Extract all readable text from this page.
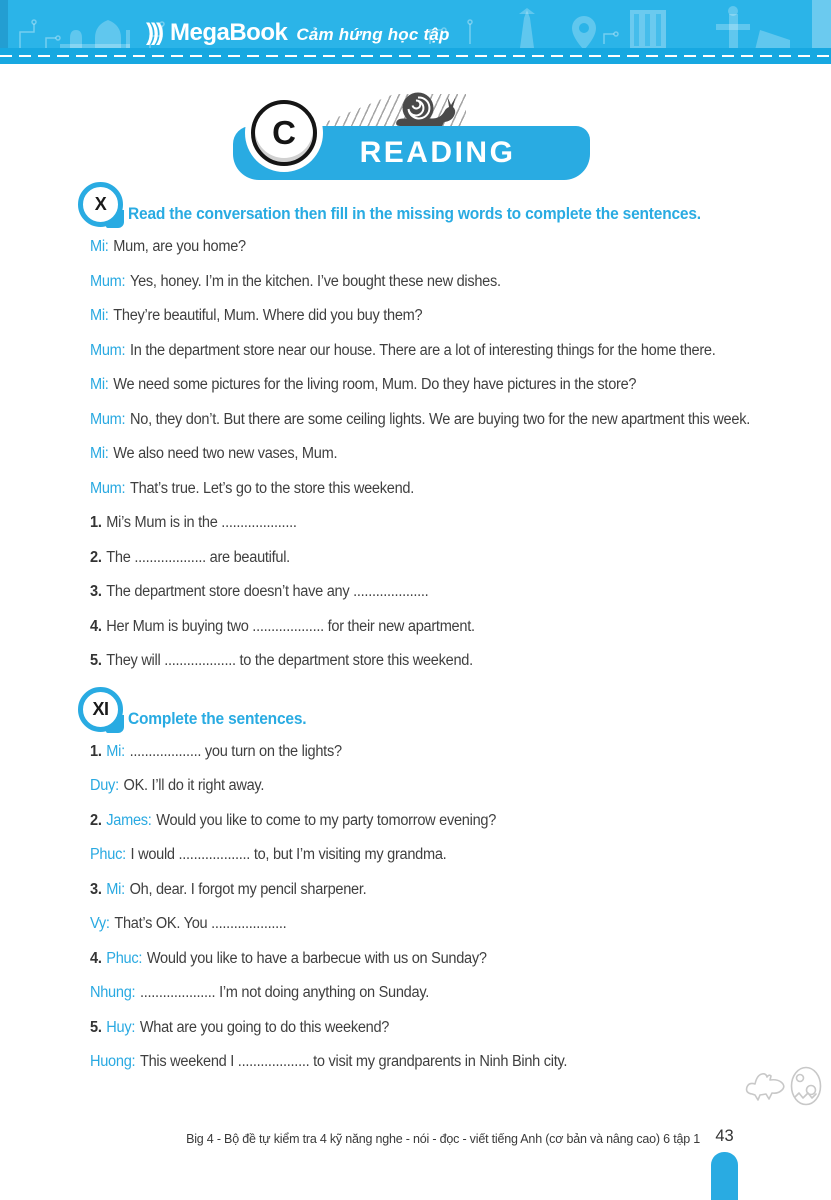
))) MegaBook Cảm hứng học tập
READING
C
X Read the conversation then fill in the missing words to complete the sentences.

Mi: Mum, are you home?

Mum: Yes, honey. I’m in the kitchen. I’ve bought these new dishes.

Mi: They’re beautiful, Mum. Where did you buy them?

Mum: In the department store near our house. There are a lot of interesting things for the home there.

Mi: We need some pictures for the living room, Mum. Do they have pictures in the store?

Mum: No, they don’t. But there are some ceiling lights. We are buying two for the new apartment this week.

Mi: We also need two new vases, Mum.

Mum: That’s true. Let’s go to the store this weekend.

1. Mi’s Mum is in the ....................

2. The ................... are beautiful.

3. The department store doesn’t have any ....................

4. Her Mum is buying two ................... for their new apartment.

5. They will ................... to the department store this weekend.

XI Complete the sentences.

1. Mi: ................... you turn on the lights?

Duy: OK. I’ll do it right away.

2. James: Would you like to come to my party tomorrow evening?

Phuc: I would ................... to, but I’m visiting my grandma.

3. Mi: Oh, dear. I forgot my pencil sharpener.

Vy: That’s OK. You ....................

4. Phuc: Would you like to have a barbecue with us on Sunday?

Nhung: .................... I’m not doing anything on Sunday.

5. Huy: What are you going to do this weekend?

Huong: This weekend I ................... to visit my grandparents in Ninh Binh city.

Big 4 - Bộ đề tự kiểm tra 4 kỹ năng nghe - nói - đọc - viết tiếng Anh (cơ bản và nâng cao) 6 tập 1 43
